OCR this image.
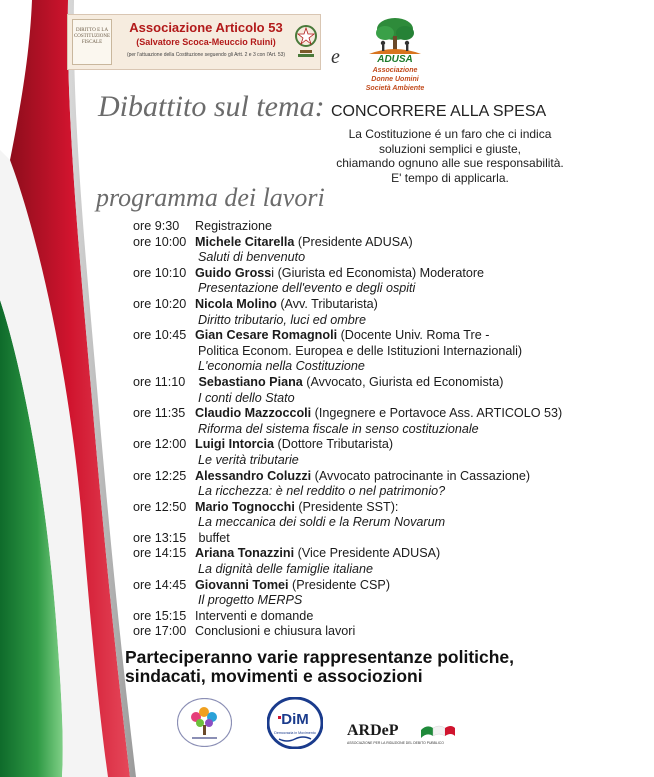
DIRITTO E LA COSTITUZIONE FISCALE
Associazione Articolo 53
(Salvatore Scoca-Meuccio Ruini)
(per l'attuazione della Costituzione seguendo gli Artt. 2 e 3 con l'Art. 53)	e	ADUSA
Associazione
Donne Uomini
Società Ambiente
Dibattito sul tema: CONCORRERE ALLA SPESA
La Costituzione é un faro che ci indica
soluzioni semplici e giuste,
chiamando ognuno alle sue responsabilità.
E' tempo di applicarla.
programma dei lavori
ore 9:30 Registrazione
ore 10:00 Michele Citarella (Presidente ADUSA)
Saluti di benvenuto
ore 10:10 Guido Grossi (Giurista ed Economista) Moderatore
Presentazione dell'evento e degli ospiti
ore 10:20 Nicola Molino (Avv. Tributarista)
Diritto tributario, luci ed ombre
ore 10:45 Gian Cesare Romagnoli (Docente Univ. Roma Tre -
Politica Econom. Europea e delle Istituzioni Internazionali)
L'economia nella Costituzione
ore 11:10 Sebastiano Piana (Avvocato, Giurista ed Economista)
I conti dello Stato
ore 11:35 Claudio Mazzoccoli (Ingegnere e Portavoce Ass. ARTICOLO 53)
Riforma del sistema fiscale in senso costituzionale
ore 12:00 Luigi Intorcia (Dottore Tributarista)
Le verità tributarie
ore 12:25 Alessandro Coluzzi (Avvocato patrocinante in Cassazione)
La ricchezza: è nel reddito o nel patrimonio?
ore 12:50 Mario Tognocchi (Presidente SST):
La meccanica dei soldi e la Rerum Novarum
ore 13:15 buffet
ore 14:15 Ariana Tonazzini (Vice Presidente ADUSA)
La dignità delle famiglie italiane
ore 14:45 Giovanni Tomei (Presidente CSP)
Il progetto MERPS
ore 15:15 Interventi e domande
ore 17:00 Conclusioni e chiusura lavori
Parteciperanno varie rappresentanze politiche,
sindacati, movimenti e associozioni
DiM
Democrazia in Movimento ARDeP
ASSOCIAZIONE PER LA RIDUZIONE DEL DEBITO PUBBLICO
